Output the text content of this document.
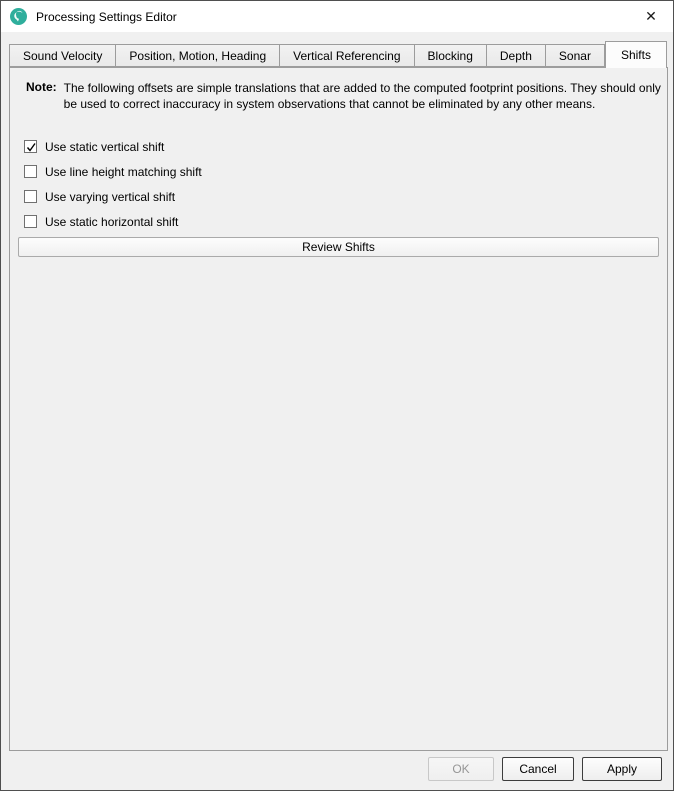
Processing Settings Editor	✕
Sound Velocity	Position, Motion, Heading	Vertical Referencing	Blocking	Depth	Sonar	Shifts
Note: The following offsets are simple translations that are added to the computed footprint positions. They should only
be used to correct inaccuracy in system observations that cannot be eliminated by any other means.
Use static vertical shift
Use line height matching shift
Use varying vertical shift
Use static horizontal shift
Review Shifts
OK	Cancel	Apply
